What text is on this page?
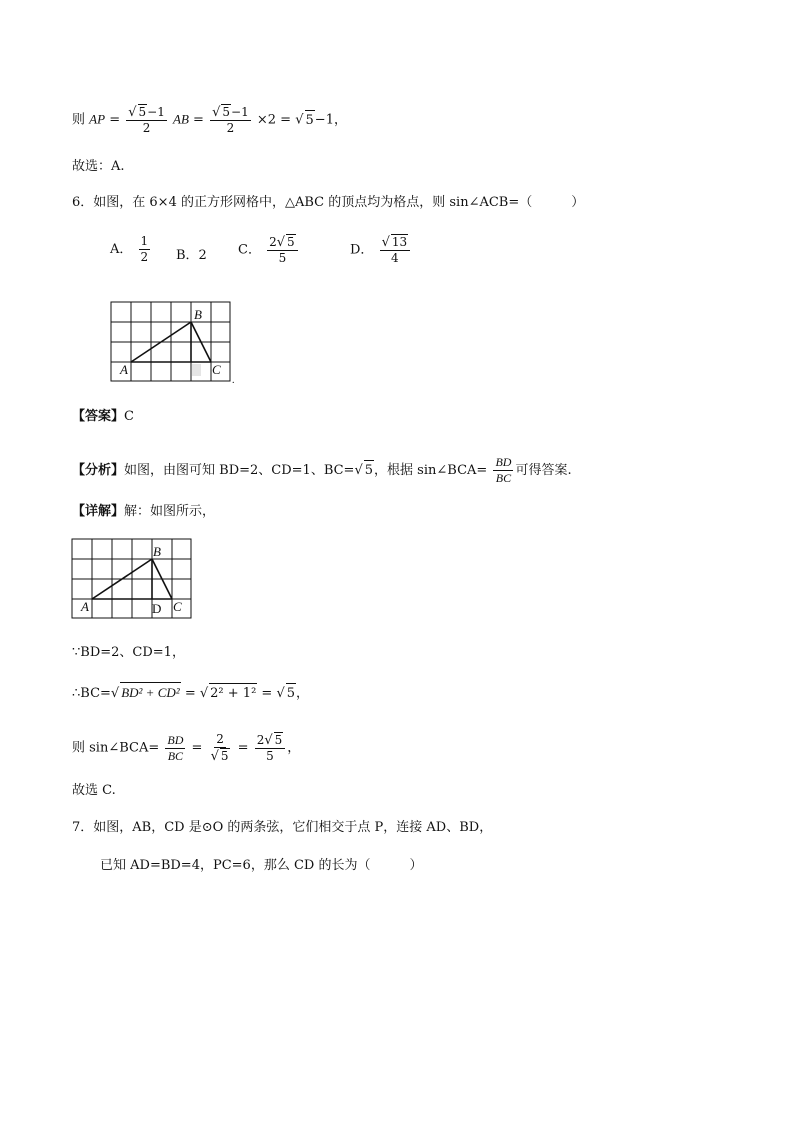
则 AP = $\frac{√ 5-1}{2}$ AB = $\frac{√ 5-1}{2} \times 2$ = √ 5−1，
故选：A.
6．如图，在 6×4 的正方形网格中，△ABC 的顶点均为格点，则 sin∠ACB=（　　　）
A． $\frac{1}{2}$ B．2 C． $\frac{2√ 5}{5}$	D． $\frac{√ 13}{4}$
A
B
C
.
【答案】C
【分析】如图，由图可知 BD=2、CD=1、BC=√ 5，根据 sin∠BCA= $\frac{BD}{BC}$ 可得答案.
【详解】解：如图所示，
A
B
C
D
∵BD=2、CD=1，
∴BC=√ BD² + CD² = √ 2² + 1² = √ 5，
则 sin∠BCA= $\frac{BD}{BC} = \frac{2}{√ 5} = \frac{2√ 5}{5}$ ，
故选 C.
7．如图，AB，CD 是⊙O 的两条弦，它们相交于点 P，连接 AD、BD，
已知 AD=BD=4，PC=6，那么 CD 的长为（　　　）
